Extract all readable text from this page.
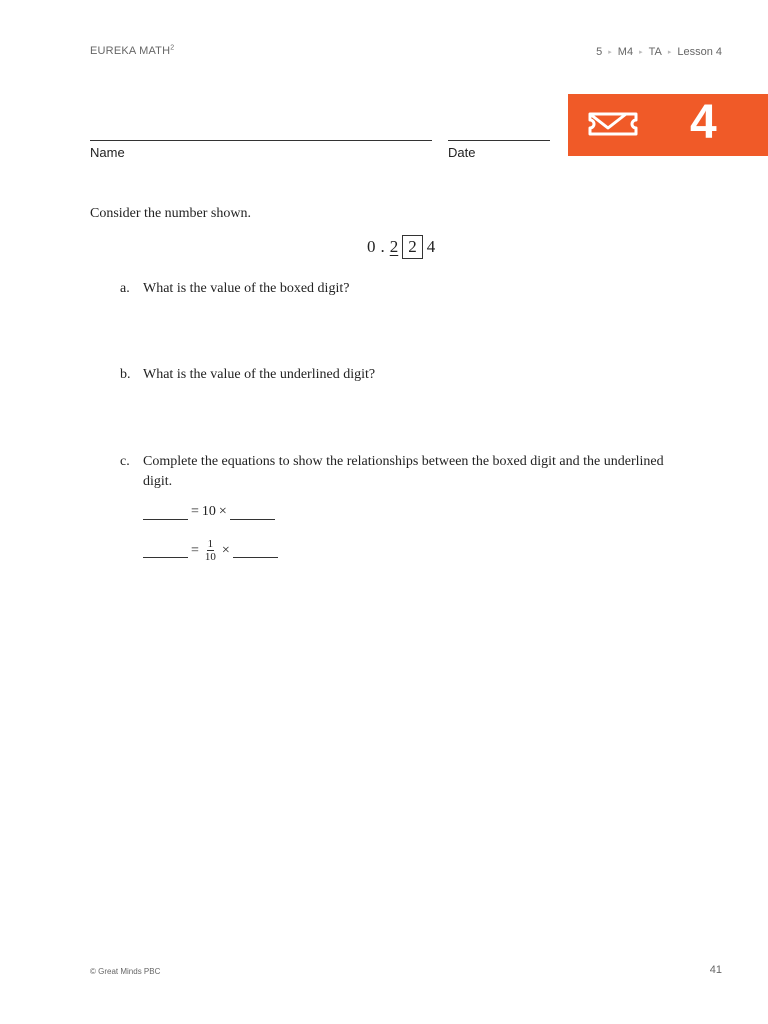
EUREKA MATH$^2$	5 ▸ M4 ▸ TA ▸ Lesson 4
4
Name	Date
Consider the number shown.
0 . 2 2 4
a. What is the value of the boxed digit?
b. What is the value of the underlined digit?
c. Complete the equations to show the relationships between the boxed digit and the underlined digit.
= 10 ×
= $\frac{1}{10}$ ×
© Great Minds PBC	41
